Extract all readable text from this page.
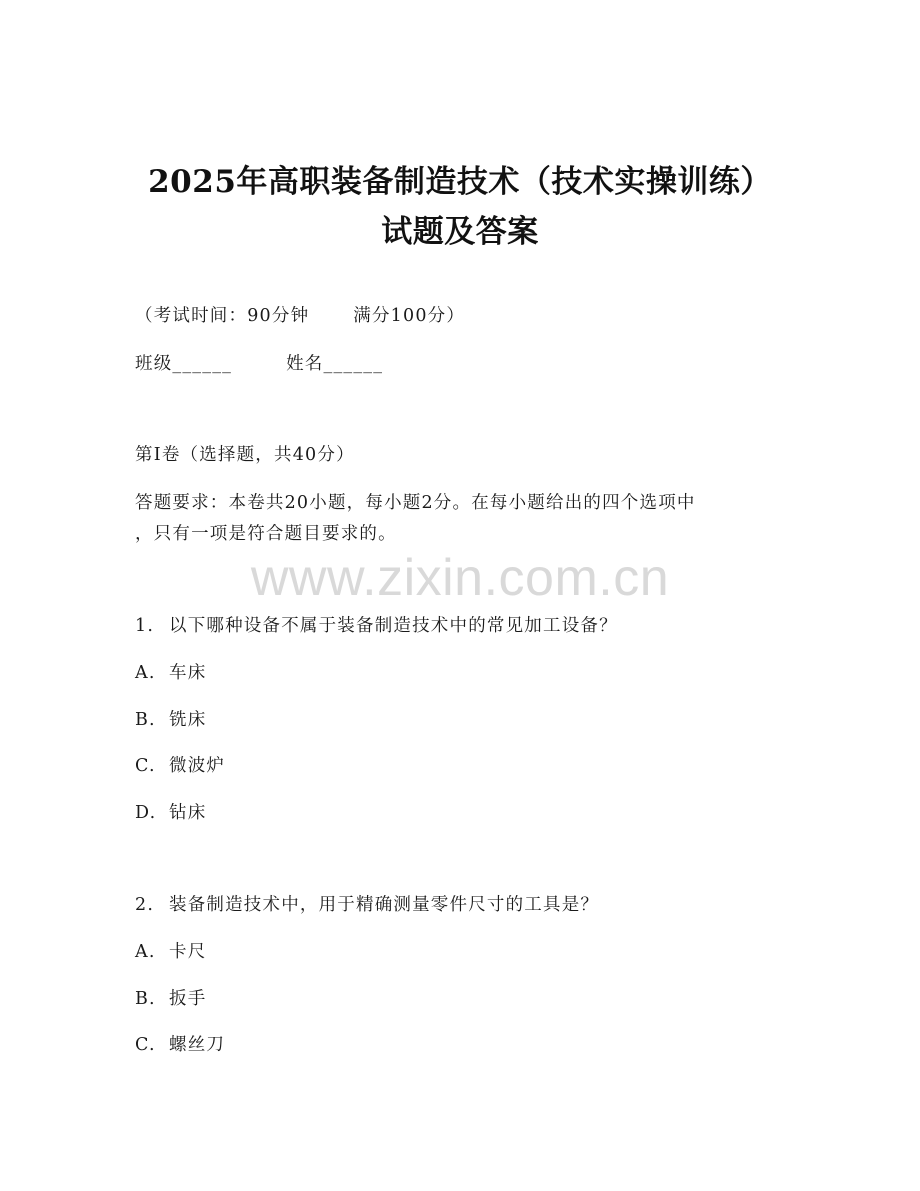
2025年高职装备制造技术（技术实操训练）
试题及答案
（考试时间：90分钟	满分100分）
班级______	姓名______
第I卷（选择题，共40分）
答题要求：本卷共20小题，每小题2分。在每小题给出的四个选项中
，只有一项是符合题目要求的。
www.zixin.com.cn
1. 以下哪种设备不属于装备制造技术中的常见加工设备？
A. 车床
B. 铣床
C. 微波炉
D. 钻床
2. 装备制造技术中，用于精确测量零件尺寸的工具是？
A. 卡尺
B. 扳手
C. 螺丝刀
